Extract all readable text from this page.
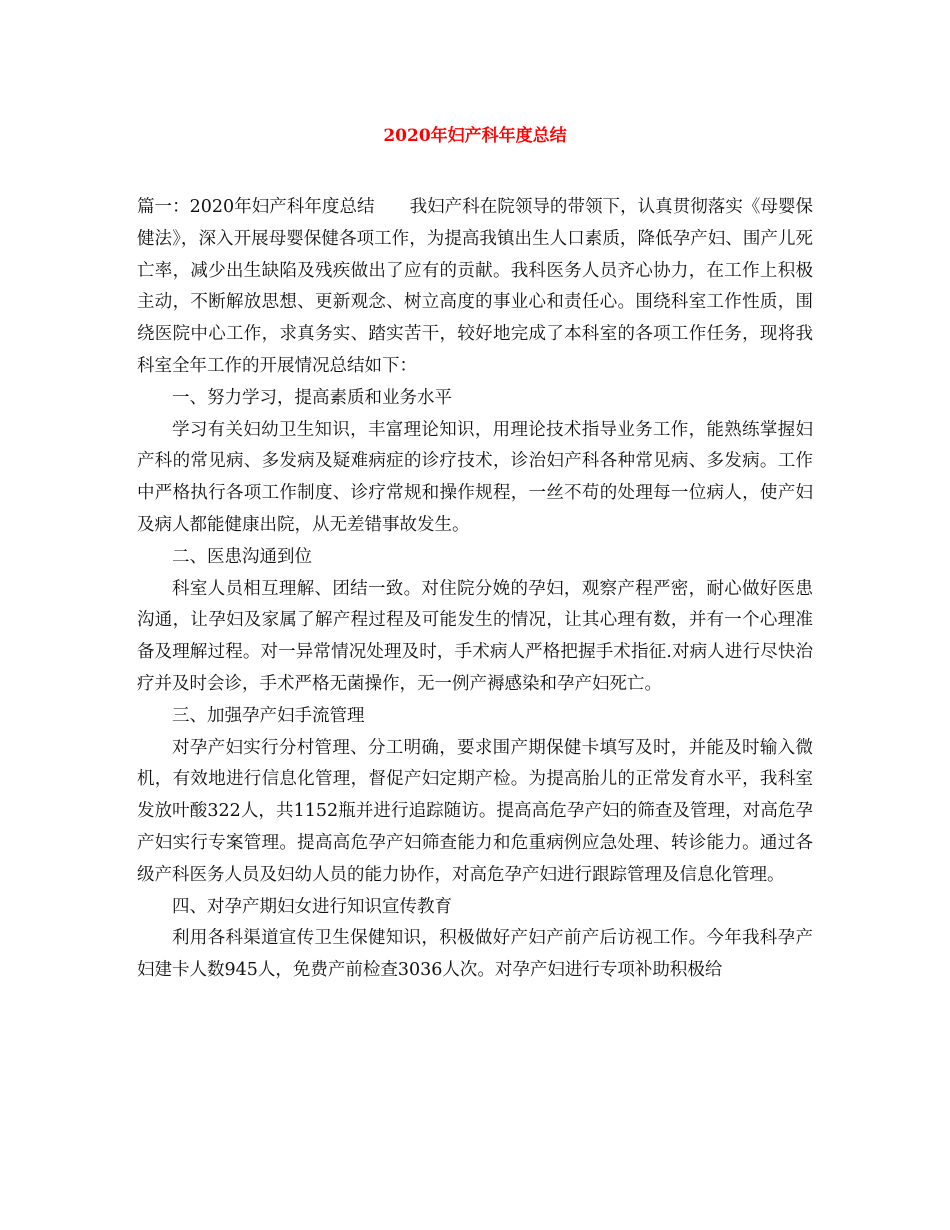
2020年妇产科年度总结

篇一：2020年妇产科年度总结　　我妇产科在院领导的带领下，认真贯彻落实《母婴保健法》，深入开展母婴保健各项工作，为提高我镇出生人口素质，降低孕产妇、围产儿死亡率，减少出生缺陷及残疾做出了应有的贡献。我科医务人员齐心协力，在工作上积极主动，不断解放思想、更新观念、树立高度的事业心和责任心。围绕科室工作性质，围绕医院中心工作，求真务实、踏实苦干，较好地完成了本科室的各项工作任务，现将我科室全年工作的开展情况总结如下：

一、努力学习，提高素质和业务水平

学习有关妇幼卫生知识，丰富理论知识，用理论技术指导业务工作，能熟练掌握妇产科的常见病、多发病及疑难病症的诊疗技术，诊治妇产科各种常见病、多发病。工作中严格执行各项工作制度、诊疗常规和操作规程，一丝不苟的处理每一位病人，使产妇及病人都能健康出院，从无差错事故发生。

二、医患沟通到位

科室人员相互理解、团结一致。对住院分娩的孕妇，观察产程严密，耐心做好医患沟通，让孕妇及家属了解产程过程及可能发生的情况，让其心理有数，并有一个心理准备及理解过程。对一异常情况处理及时，手术病人严格把握手术指征.对病人进行尽快治疗并及时会诊，手术严格无菌操作，无一例产褥感染和孕产妇死亡。

三、加强孕产妇手流管理

对孕产妇实行分村管理、分工明确，要求围产期保健卡填写及时，并能及时输入微机，有效地进行信息化管理，督促产妇定期产检。为提高胎儿的正常发育水平，我科室发放叶酸322人，共1152瓶并进行追踪随访。提高高危孕产妇的筛查及管理，对高危孕产妇实行专案管理。提高高危孕产妇筛查能力和危重病例应急处理、转诊能力。通过各级产科医务人员及妇幼人员的能力协作，对高危孕产妇进行跟踪管理及信息化管理。

四、对孕产期妇女进行知识宣传教育

利用各科渠道宣传卫生保健知识，积极做好产妇产前产后访视工作。今年我科孕产妇建卡人数945人，免费产前检查3036人次。对孕产妇进行专项补助积极给
